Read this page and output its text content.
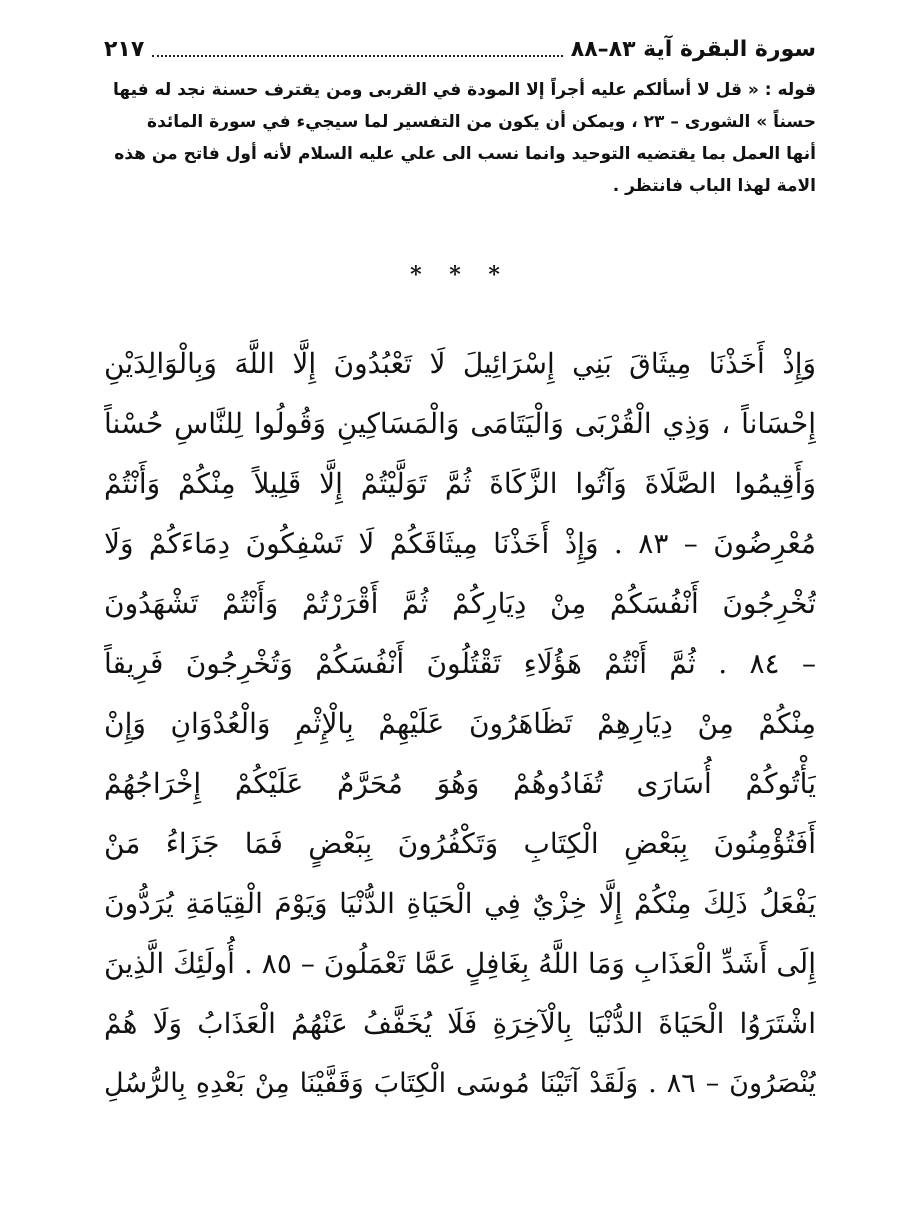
سورة البقرة آية ٨٣–٨٨
٢١٧

قوله : « قل لا أسألكم عليه أجراً إلا المودة في القربى ومن يقترف حسنة نجد له فيها

حسناً » الشورى – ٢٣ ، ويمكن أن يكون من التفسير لما سيجيء في سورة المائدة

أنها العمل بما يقتضيه التوحيد وانما نسب الى علي عليه السلام لأنه أول فاتح من هذه

الامة لهذا الباب فانتظر .

* * *
وَإِذْ أَخَذْنَا مِيثَاقَ بَنِي إِسْرَائِيلَ لَا تَعْبُدُونَ إِلَّا اللَّهَ وَبِالْوَالِدَيْنِ
إِحْسَاناً ، وَذِي الْقُرْبَى وَالْيَتَامَى وَالْمَسَاكِينِ وَقُولُوا لِلنَّاسِ حُسْناً
وَأَقِيمُوا الصَّلَاةَ وَآتُوا الزَّكَاةَ ثُمَّ تَوَلَّيْتُمْ إِلَّا قَلِيلاً مِنْكُمْ وَأَنْتُمْ
مُعْرِضُونَ – ٨٣ . وَإِذْ أَخَذْنَا مِيثَاقَكُمْ لَا تَسْفِكُونَ دِمَاءَكُمْ وَلَا
تُخْرِجُونَ أَنْفُسَكُمْ مِنْ دِيَارِكُمْ ثُمَّ أَقْرَرْتُمْ وَأَنْتُمْ تَشْهَدُونَ
– ٨٤ . ثُمَّ أَنْتُمْ هَؤُلَاءِ تَقْتُلُونَ أَنْفُسَكُمْ وَتُخْرِجُونَ فَرِيقاً
مِنْكُمْ مِنْ دِيَارِهِمْ تَظَاهَرُونَ عَلَيْهِمْ بِالْإِثْمِ وَالْعُدْوَانِ وَإِنْ
يَأْتُوكُمْ أُسَارَى تُفَادُوهُمْ وَهُوَ مُحَرَّمٌ عَلَيْكُمْ إِخْرَاجُهُمْ
أَفَتُؤْمِنُونَ بِبَعْضِ الْكِتَابِ وَتَكْفُرُونَ بِبَعْضٍ فَمَا جَزَاءُ مَنْ
يَفْعَلُ ذَلِكَ مِنْكُمْ إِلَّا خِزْيٌ فِي الْحَيَاةِ الدُّنْيَا وَيَوْمَ الْقِيَامَةِ يُرَدُّونَ
إِلَى أَشَدِّ الْعَذَابِ وَمَا اللَّهُ بِغَافِلٍ عَمَّا تَعْمَلُونَ – ٨٥ . أُولَئِكَ الَّذِينَ
اشْتَرَوُا الْحَيَاةَ الدُّنْيَا بِالْآخِرَةِ فَلَا يُخَفَّفُ عَنْهُمُ الْعَذَابُ وَلَا هُمْ
يُنْصَرُونَ – ٨٦ . وَلَقَدْ آتَيْنَا مُوسَى الْكِتَابَ وَقَفَّيْنَا مِنْ بَعْدِهِ بِالرُّسُلِ
